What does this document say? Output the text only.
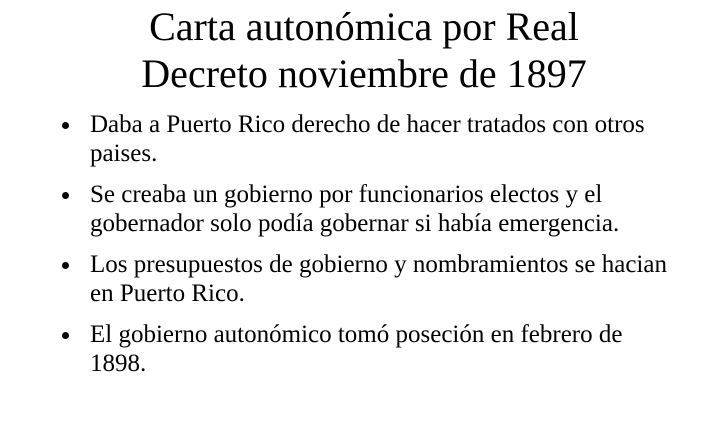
Carta autonómica por Real
Decreto noviembre de 1897
Daba a Puerto Rico derecho de hacer tratados con otros paises.
Se creaba un gobierno por funcionarios electos y el gobernador solo podía gobernar si había emergencia.
Los presupuestos de gobierno y nombramientos se hacian en Puerto Rico.
El gobierno autonómico tomó poseción en febrero de 1898.
